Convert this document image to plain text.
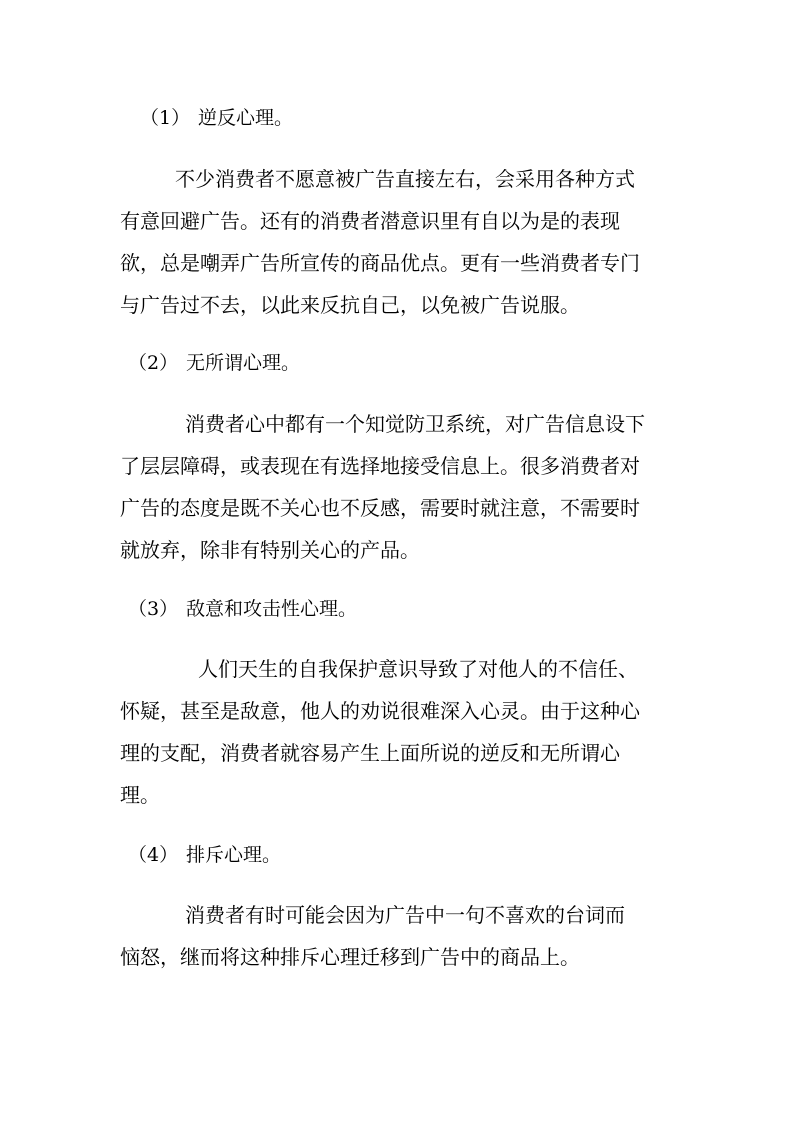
（1） 逆反心理。
不少消费者不愿意被广告直接左右，会采用各种方式
有意回避广告。还有的消费者潜意识里有自以为是的表现
欲，总是嘲弄广告所宣传的商品优点。更有一些消费者专门
与广告过不去，以此来反抗自己，以免被广告说服。
（2） 无所谓心理。
消费者心中都有一个知觉防卫系统，对广告信息设下
了层层障碍，或表现在有选择地接受信息上。很多消费者对
广告的态度是既不关心也不反感，需要时就注意，不需要时
就放弃，除非有特别关心的产品。
（3） 敌意和攻击性心理。
人们天生的自我保护意识导致了对他人的不信任、
怀疑，甚至是敌意，他人的劝说很难深入心灵。由于这种心
理的支配，消费者就容易产生上面所说的逆反和无所谓心
理。
（4） 排斥心理。
消费者有时可能会因为广告中一句不喜欢的台词而
恼怒，继而将这种排斥心理迁移到广告中的商品上。
